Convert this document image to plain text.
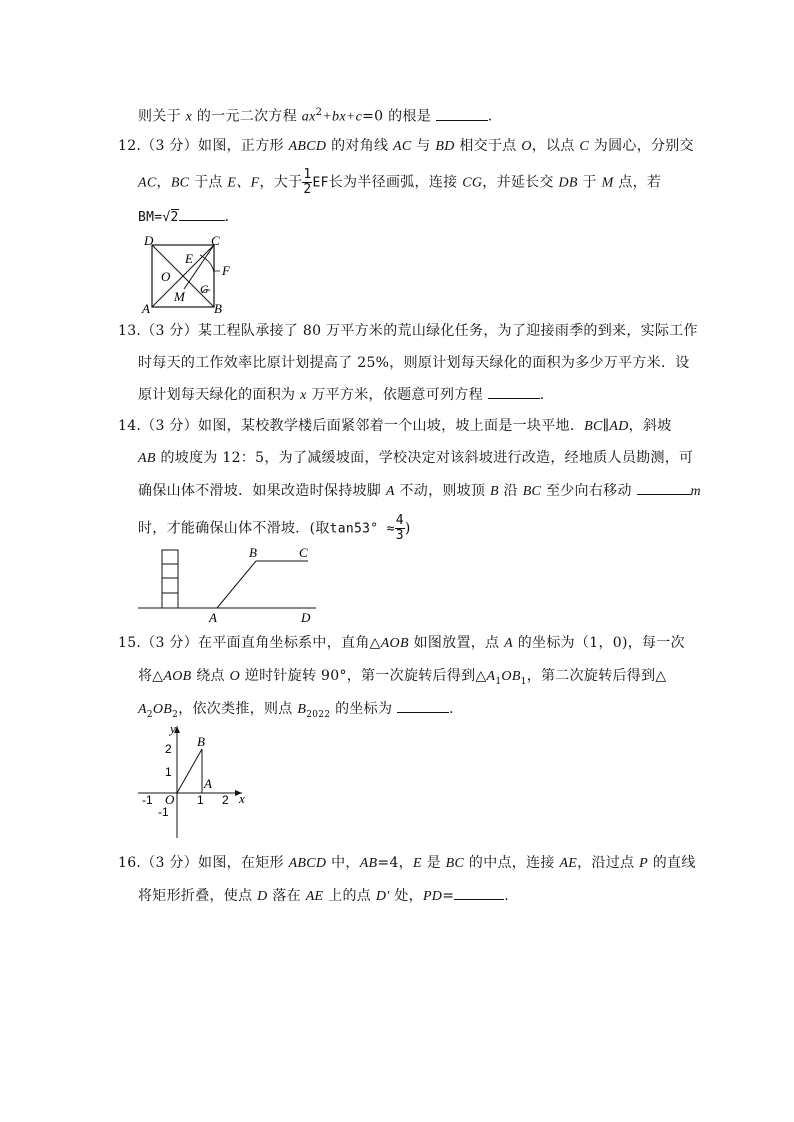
则关于 x 的一元二次方程 $ax^2+bx+c=0$ 的根是	.
12.（3 分）如图，正方形 ABCD 的对角线 AC 与 BD 相交于点 O，以点 C 为圆心，分别交
AC，BC 于点 E、F，大于 $\frac{1}{2}$ EF长为半径画弧，连接 CG，并延长交 DB 于 M 点，若
BM=√2	.
D	C
E
O	F
M G
A	B
13.（3 分）某工程队承接了 80 万平方米的荒山绿化任务，为了迎接雨季的到来，实际工作
时每天的工作效率比原计划提高了 25%，则原计划每天绿化的面积为多少万平方米．设
原计划每天绿化的面积为 x 万平方米，依题意可列方程	.
14.（3 分）如图，某校教学楼后面紧邻着一个山坡，坡上面是一块平地．BC∥AD，斜坡
AB 的坡度为 12：5，为了减缓坡面，学校决定对该斜坡进行改造，经地质人员勘测，可
确保山体不滑坡．如果改造时保持坡脚 A 不动，则坡顶 B 沿 BC 至少向右移动	m
时，才能确保山体不滑坡．(取$\tan 53^\circ \approx \frac{4}{3}$ )
B	C
A	D
15.（3 分）在平面直角坐标系中，直角△AOB 如图放置，点 A 的坐标为（1，0)，每一次
将△AOB 绕点 O 逆时针旋转 90°，第一次旋转后得到$\triangle A_1OB_1$，第二次旋转后得到△
$A_2OB_2$，依次类推，则点 $B_{2022}$ 的坐标为	.
y
x
B
A
O
2
1
-1
-1	1 2
16.（3 分）如图，在矩形 ABCD 中，AB=4，E 是 BC 的中点，连接 AE，沿过点 P 的直线
将矩形折叠，使点 D 落在 AE 上的点 D′ 处，PD=	.
